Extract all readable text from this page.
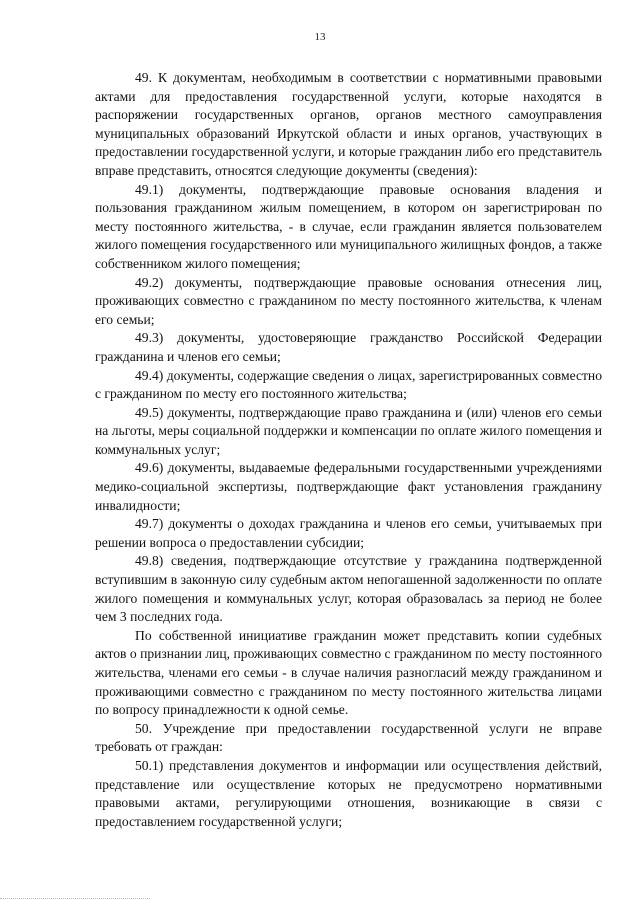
13

49. К документам, необходимым в соответствии с нормативными правовыми актами для предоставления государственной услуги, которые находятся в распоряжении государственных органов, органов местного самоуправления муниципальных образований Иркутской области и иных органов, участвующих в предоставлении государственной услуги, и которые гражданин либо его представитель вправе представить, относятся следующие документы (сведения):

49.1) документы, подтверждающие правовые основания владения и пользования гражданином жилым помещением, в котором он зарегистрирован по месту постоянного жительства, - в случае, если гражданин является пользователем жилого помещения государственного или муниципального жилищных фондов, а также собственником жилого помещения;

49.2) документы, подтверждающие правовые основания отнесения лиц, проживающих совместно с гражданином по месту постоянного жительства, к членам его семьи;

49.3) документы, удостоверяющие гражданство Российской Федерации гражданина и членов его семьи;

49.4) документы, содержащие сведения о лицах, зарегистрированных совместно с гражданином по месту его постоянного жительства;

49.5) документы, подтверждающие право гражданина и (или) членов его семьи на льготы, меры социальной поддержки и компенсации по оплате жилого помещения и коммунальных услуг;

49.6) документы, выдаваемые федеральными государственными учреждениями медико-социальной экспертизы, подтверждающие факт установления гражданину инвалидности;

49.7) документы о доходах гражданина и членов его семьи, учитываемых при решении вопроса о предоставлении субсидии;

49.8) сведения, подтверждающие отсутствие у гражданина подтвержденной вступившим в законную силу судебным актом непогашенной задолженности по оплате жилого помещения и коммунальных услуг, которая образовалась за период не более чем 3 последних года.

По собственной инициативе гражданин может представить копии судебных актов о признании лиц, проживающих совместно с гражданином по месту постоянного жительства, членами его семьи - в случае наличия разногласий между гражданином и проживающими совместно с гражданином по месту постоянного жительства лицами по вопросу принадлежности к одной семье.

50. Учреждение при предоставлении государственной услуги не вправе требовать от граждан:

50.1) представления документов и информации или осуществления действий, представление или осуществление которых не предусмотрено нормативными правовыми актами, регулирующими отношения, возникающие в связи с предоставлением государственной услуги;
